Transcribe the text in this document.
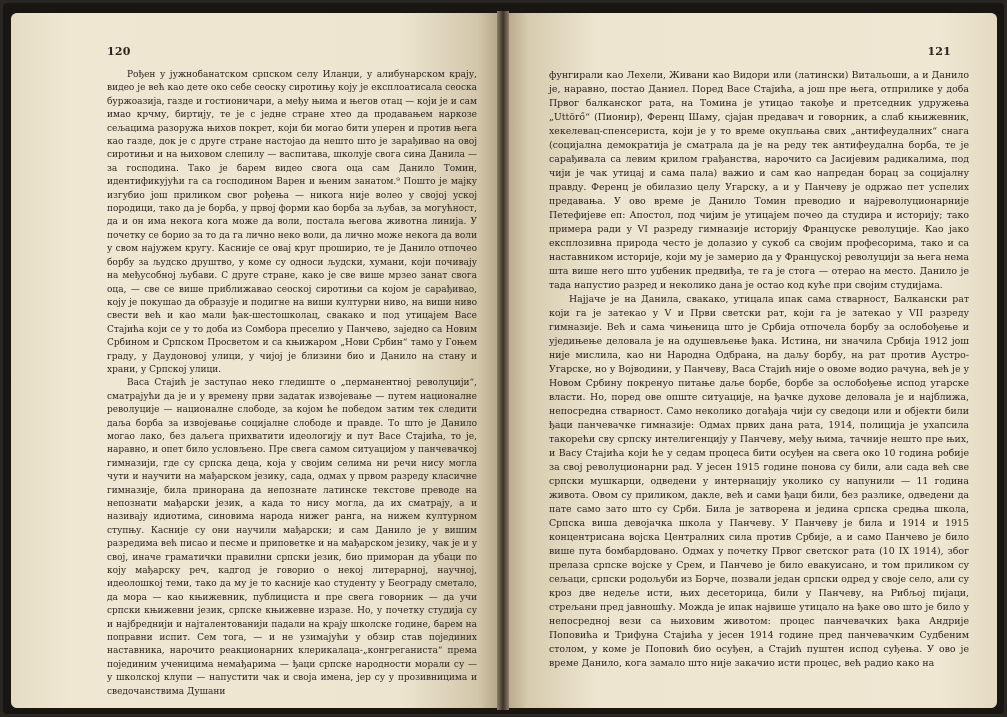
120

Рођен у јужнобанатском српском селу Иланџи, у алибунарском крају, видео је већ као дете око себе сеоску сиротињу коју је експлоатисала сеоска буржоазија, газде и гостионичари, а међу њима и његов отац — који је и сам имао крчму, биртију, те је с једне стране хтео да продавањем наркозе сељацима разоружа њихов покрет, који би могао бити уперен и против њега као газде, док је с друге стране настојао да нешто што је зарађивао на овој сиротињи и на њиховом слепилу — васпитава, школује свога сина Данила — за господина. Тако је барем видео свога оца сам Данило Томин, идентификујући га са господином Варен и њеним занатом.⁹ Пошто је мајку изгубио још приликом свог рођења — никога није волео у својој уској породици, тако да је борба, у првој форми као борба за љубав, за могућност, да и он има некога кога може да воли, постала његова животна линија. У почетку се борио за то да га лично неко воли, да лично може некога да воли у свом најужем кругу. Касније се овај круг проширио, те је Данило отпочео борбу за људско друштво, у коме су односи људски, хумани, који почивају на међусобној љубави. С друге стране, како је све више мрзео занат свога оца, — све се више приближавао сеоској сиротињи са којом је сарађивао, коју је покушао да образује и подигне на виши културни ниво, на виши ниво свести већ и као мали ђак-шестошколац, свакако и под утицајем Васе Стајића који се у то доба из Сомбора преселио у Панчево, заједно са Новим Србином и Српском Просветом и са књижаром „Нови Србин“ тамо у Гоњем граду, у Даудоновој улици, у чијој је близини био и Данило на стану и храни, у Српској улици.

Васа Стајић је заступао неко гледиште о „перманентној револуцији“, сматрајући да је и у времену први задатак извојевање — путем националне револуције — националне слободе, за којом ће победом затим тек следити даља борба за извојевање социјалне слободе и правде. То што је Данило могао лако, без даљега прихватити идеологију и пут Васе Стајића, то је, наравно, и опет било условљено. Пре свега самом ситуацијом у панчевачкој гимназији, где су српска деца, која у својим селима ни речи нису могла чути и научити на мађарском језику, сада, одмах у првом разреду класичне гимназије, била принорана да непознате латинске текстове преводе на непознати мађарски језик, а када то нису могла, да их сматрају, а и називају идиотима, синовима народа нижег ранга, на нижем културном ступњу. Касније су они научили мађарски; и сам Данило је у вишим разредима већ писао и песме и приповетке и на мађарском језику, чак је и у свој, иначе граматички правилни српски језик, био приморан да убаци по коју мађарску реч, кадгод је говорио о некој литерарној, научној, идеолошкој теми, тако да му је то касније као студенту у Београду сметало, да мора — као књижевник, публициста и пре свега говорник — да учи српски књижевни језик, српске књижевне изразе. Но, у почетку студија су и најбреднији и најталентованији падали на крају школске године, барем на поправни испит. Сем тога, — и не узимајући у обзир став појединих наставника, нарочито реакционарних клерикалаца-„конгреганиста“ према појединим ученицима немађарима — ђаци српске народности морали су — у школској клупи — напустити чак и своја имена, јер су у прозивницима и сведочанствима Душани

121

фунгирали као Лехели, Живани као Видори или (латински) Витальоши, а и Данило је, наравно, постао Даниел. Поред Васе Стајића, а још пре њега, отприлике у доба Првог балканског рата, на Томина је утицао такође и претседник удружења „Uttörő“ (Пионир), Ференц Шаму, сјајан предавач и говорник, а слаб књижевник, хекелевац-спенсериста, који је у то време окупљања свих „антифеудалних“ снага (социјална демократија је сматрала да је на реду тек антифеудална борба, те је сарађивала са левим крилом грађанства, нарочито са Јасијевим радикалима, под чији је чак утицај и сама пала) важио и сам као напредан борац за социјалну правду. Ференц је обилазио целу Угарску, а и у Панчеву је одржао пет успелих предавања. У ово време је Данило Томин преводио и најреволуционарније Петефијеве еп: Апостол, под чијим је утицајем почео да студира и историју; тако примера ради у VI разреду гимназије историју Француске револуције. Као јако експлозивна природа често је долазио у сукоб са својим професорима, тако и са наставником историје, који му је замерио да у Француској револуцији за њега нема шта више него што уџбеник предвиђа, те га је стога — отерао на место. Данило је тада напустио разред и неколико дана је остао код куће при својим студијама.

Најјаче је на Данила, свакако, утицала ипак сама стварност, Балкански рат који га је затекао у V и Први светски рат, који га је затекао у VII разреду гимназије. Већ и сама чињеница што је Србија отпочела борбу за ослобођење и уједињење деловала је на одушевљење ђака. Истина, ни значила Србија 1912 још није мислила, као ни Народна Одбрана, на даљу борбу, на рат против Аустро-Угарске, но у Војводини, у Панчеву, Васа Стајић није о овоме водио рачуна, већ је у Новом Србину покренуо питање даље борбе, борбе за ослобођење испод угарске власти. Но, поред ове опште ситуације, на ђачке духове деловала је и најближа, непосредна стварност. Само неколико догађаја чији су сведоци или и објекти били ђаци панчевачке гимназије: Одмах првих дана рата, 1914, полиција је ухапсила такорећи сву српску интелигенцију у Панчеву, међу њима, тачније нешто пре њих, и Васу Стајића који ће у седам процеса бити осуђен на свега око 10 година робије за свој револуционарни рад. У јесен 1915 године понова су били, али сада већ све српски мушкарци, одведени у интернацију уколико су напунили — 11 година живота. Овом су приликом, дакле, већ и сами ђаци били, без разлике, одведени да пате само зато што су Срби. Била је затворена и једина српска средња школа, Српска виша девојачка школа у Панчеву. У Панчеву је била и 1914 и 1915 концентрисана војска Централних сила против Србије, а и само Панчево је било више пута бомбардовано. Одмах у почетку Првог светског рата (10 IX 1914), због прелаза српске војске у Срем, и Панчево је било евакуисано, и том приликом су сељаци, српски родољуби из Борче, позвали један српски одред у своје село, али су кроз две недеље исти, њих десеторица, били у Панчеву, на Рибљој пијаци, стрељани пред јавношћу. Можда је ипак највише утицало на ђаке ово што је било у непосредној вези са њиховим животом: процес панчевачких ђака Андрије Поповића и Трифуна Стајића у јесен 1914 године пред панчевачким Судбеним столом, у коме је Поповић био осуђен, а Стајић пуштен испод суђења. У ово је време Данило, кога замало што није закачио исти процес, већ радио како на
